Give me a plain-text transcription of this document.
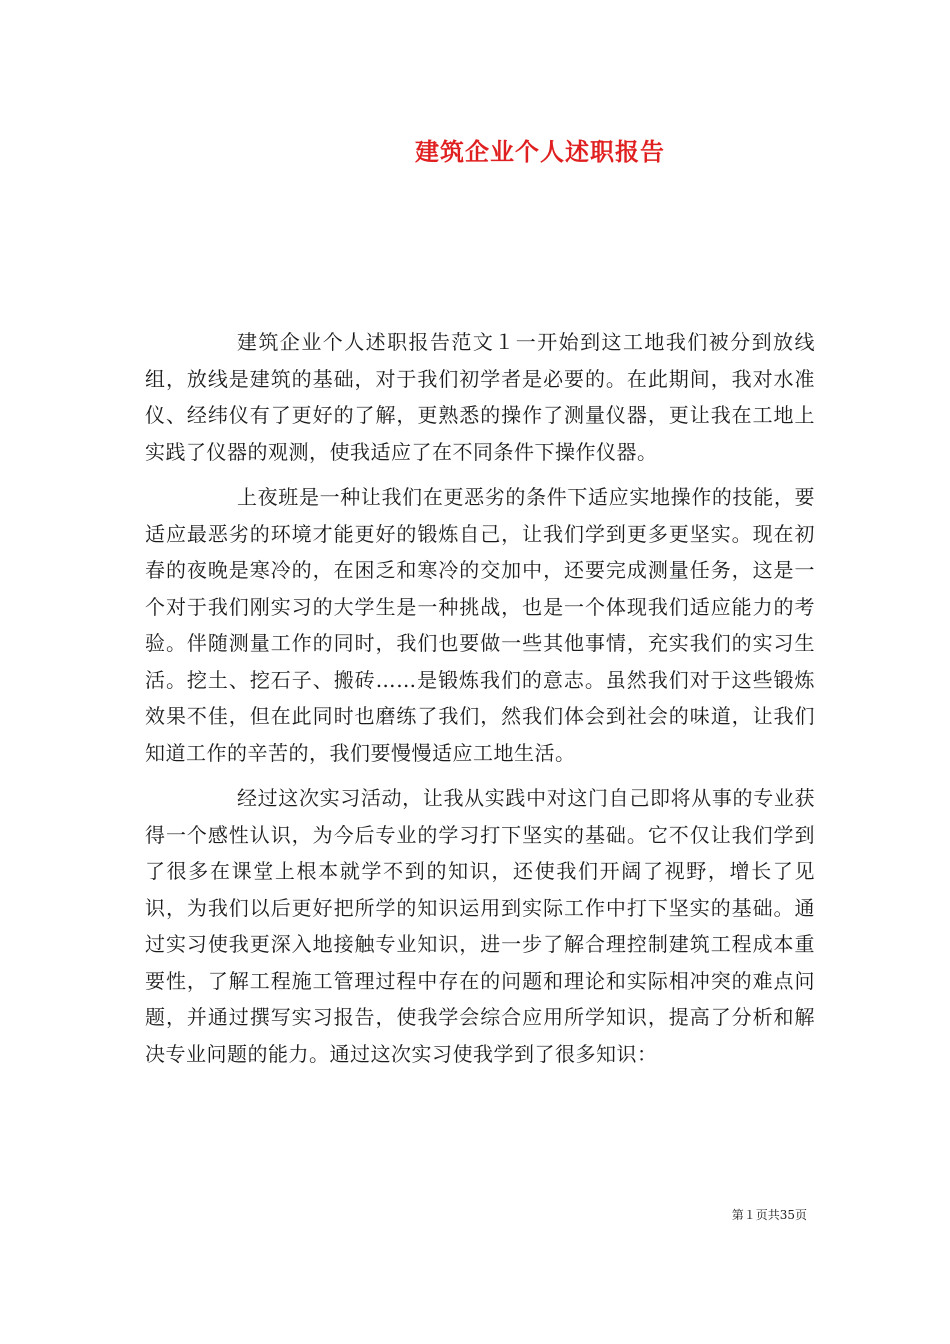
建筑企业个人述职报告

建筑企业个人述职报告范文１一开始到这工地我们被分到放线组，放线是建筑的基础，对于我们初学者是必要的。在此期间，我对水准仪、经纬仪有了更好的了解，更熟悉的操作了测量仪器，更让我在工地上实践了仪器的观测，使我适应了在不同条件下操作仪器。

上夜班是一种让我们在更恶劣的条件下适应实地操作的技能，要适应最恶劣的环境才能更好的锻炼自己，让我们学到更多更坚实。现在初春的夜晚是寒冷的，在困乏和寒冷的交加中，还要完成测量任务，这是一个对于我们刚实习的大学生是一种挑战，也是一个体现我们适应能力的考验。伴随测量工作的同时，我们也要做一些其他事情，充实我们的实习生活。挖土、挖石子、搬砖……是锻炼我们的意志。虽然我们对于这些锻炼效果不佳，但在此同时也磨练了我们，然我们体会到社会的味道，让我们知道工作的辛苦的，我们要慢慢适应工地生活。

经过这次实习活动，让我从实践中对这门自己即将从事的专业获得一个感性认识，为今后专业的学习打下坚实的基础。它不仅让我们学到了很多在课堂上根本就学不到的知识，还使我们开阔了视野，增长了见识，为我们以后更好把所学的知识运用到实际工作中打下坚实的基础。通过实习使我更深入地接触专业知识，进一步了解合理控制建筑工程成本重要性，了解工程施工管理过程中存在的问题和理论和实际相冲突的难点问题，并通过撰写实习报告，使我学会综合应用所学知识，提高了分析和解决专业问题的能力。通过这次实习使我学到了很多知识：

第１页共35页
